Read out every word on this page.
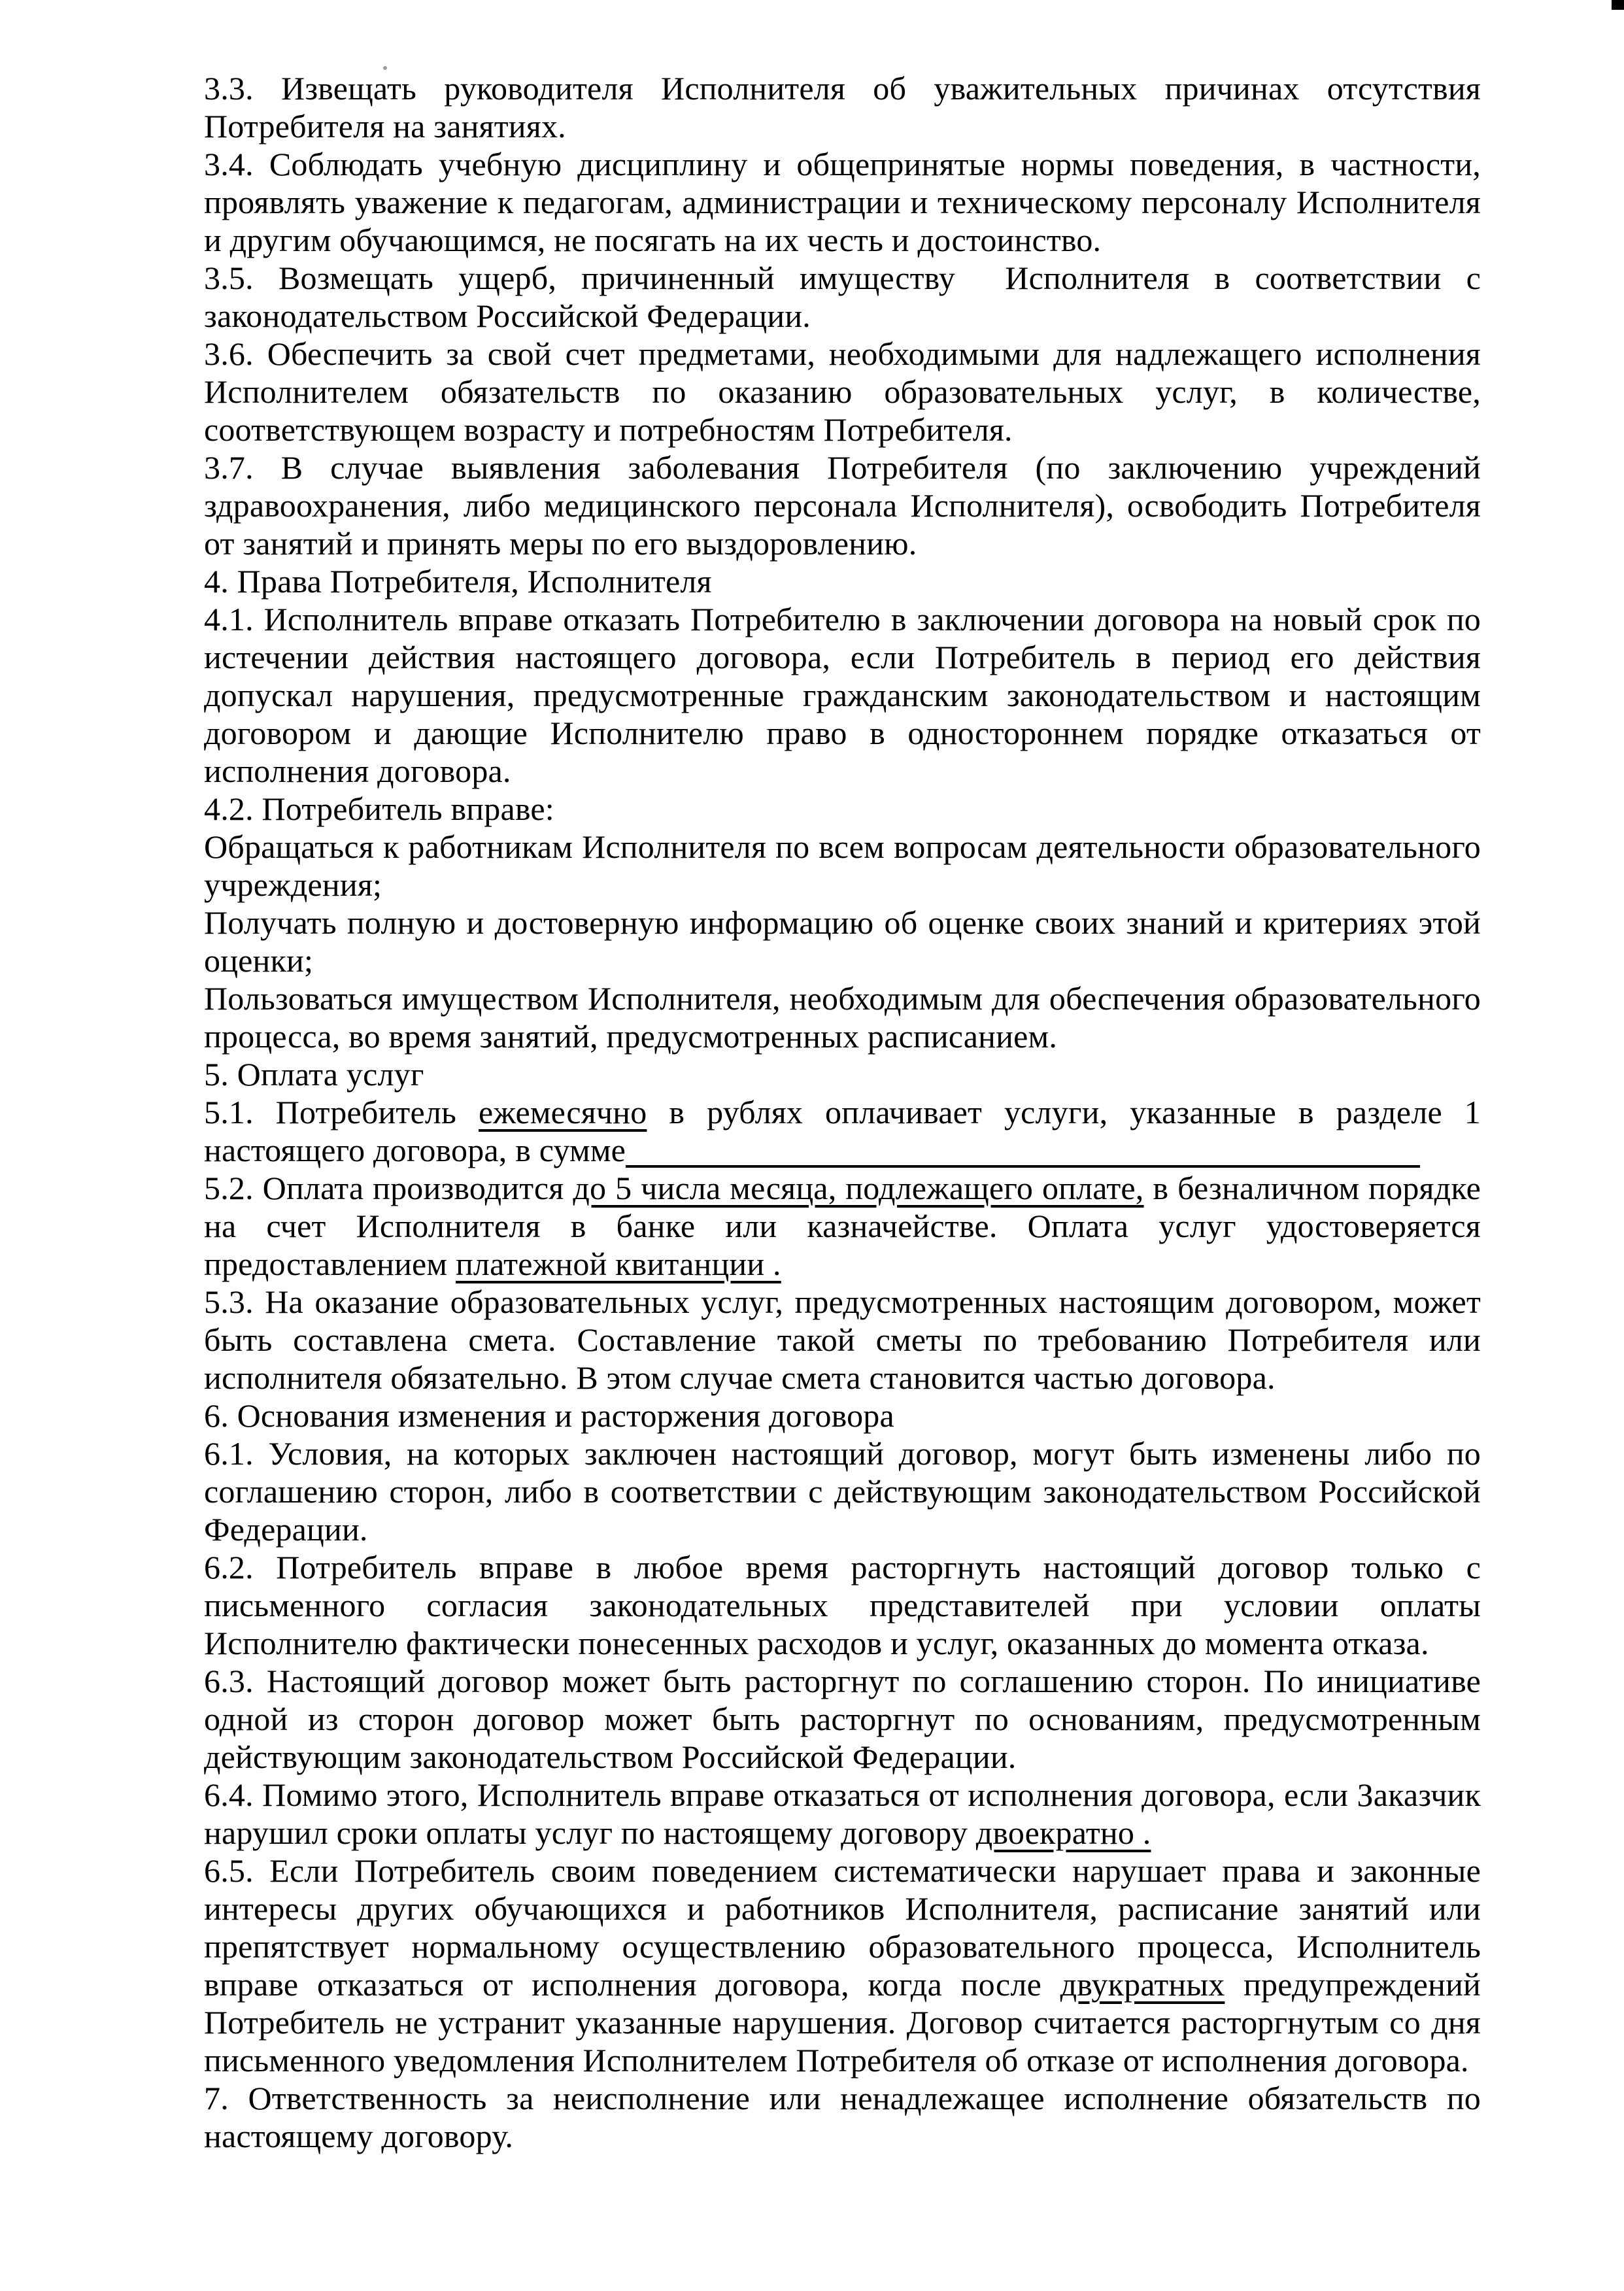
3.3. Извещать руководителя Исполнителя об уважительных причинах отсутствия Потребителя на занятиях.

3.4. Соблюдать учебную дисциплину и общепринятые нормы поведения, в частности, проявлять уважение к педагогам, администрации и техническому персоналу Исполнителя и другим обучающимся, не посягать на их честь и достоинство.

3.5. Возмещать ущерб, причиненный имуществу  Исполнителя в соответствии с законодательством Российской Федерации.

3.6. Обеспечить за свой счет предметами, необходимыми для надлежащего исполнения Исполнителем обязательств по оказанию образовательных услуг, в количестве, соответствующем возрасту и потребностям Потребителя.

3.7. В случае выявления заболевания Потребителя (по заключению учреждений здравоохранения, либо медицинского персонала Исполнителя), освободить Потребителя от занятий и принять меры по его выздоровлению.

4. Права Потребителя, Исполнителя

4.1. Исполнитель вправе отказать Потребителю в заключении договора на новый срок по истечении действия настоящего договора, если Потребитель в период его действия допускал нарушения, предусмотренные гражданским законодательством и настоящим договором и дающие Исполнителю право в одностороннем порядке отказаться от исполнения договора.

4.2. Потребитель вправе:

Обращаться к работникам Исполнителя по всем вопросам деятельности образовательного учреждения;

Получать полную и достоверную информацию об оценке своих знаний и критериях этой оценки;

Пользоваться имуществом Исполнителя, необходимым для обеспечения образовательного процесса, во время занятий, предусмотренных расписанием.

5. Оплата услуг

5.1. Потребитель ежемесячно в рублях оплачивает услуги, указанные в разделе 1 настоящего договора, в сумме

5.2. Оплата производится до 5 числа месяца, подлежащего оплате, в безналичном порядке на счет Исполнителя в банке или казначействе. Оплата услуг удостоверяется предоставлением платежной квитанции .

5.3. На оказание образовательных услуг, предусмотренных настоящим договором, может быть составлена смета. Составление такой сметы по требованию Потребителя или исполнителя обязательно. В этом случае смета становится частью договора.

6. Основания изменения и расторжения договора

6.1. Условия, на которых заключен настоящий договор, могут быть изменены либо по соглашению сторон, либо в соответствии с действующим законодательством Российской Федерации.

6.2. Потребитель вправе в любое время расторгнуть настоящий договор только с письменного согласия законодательных представителей при условии оплаты Исполнителю фактически понесенных расходов и услуг, оказанных до момента отказа.

6.3. Настоящий договор может быть расторгнут по соглашению сторон. По инициативе одной из сторон договор может быть расторгнут по основаниям, предусмотренным действующим законодательством Российской Федерации.

6.4. Помимо этого, Исполнитель вправе отказаться от исполнения договора, если Заказчик нарушил сроки оплаты услуг по настоящему договору двоекратно .

6.5. Если Потребитель своим поведением систематически нарушает права и законные интересы других обучающихся и работников Исполнителя, расписание занятий или препятствует нормальному осуществлению образовательного процесса, Исполнитель вправе отказаться от исполнения договора, когда после двукратных предупреждений Потребитель не устранит указанные нарушения. Договор считается расторгнутым со дня письменного уведомления Исполнителем Потребителя об отказе от исполнения договора.

7. Ответственность за неисполнение или ненадлежащее исполнение обязательств по настоящему договору.
